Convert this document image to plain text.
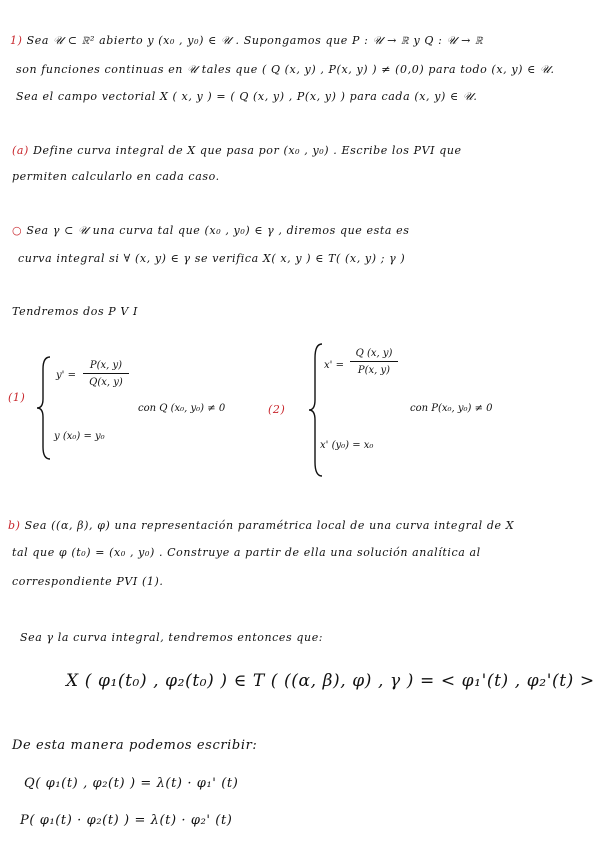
1) Sea 𝒰 ⊂ ℝ² abierto y (x₀ , y₀) ∈ 𝒰 . Supongamos que P : 𝒰 → ℝ y Q : 𝒰 → ℝ
son funciones continuas en 𝒰 tales que ( Q (x, y) , P(x, y) ) ≠ (0,0) para todo (x, y) ∈ 𝒰.
Sea el campo vectorial X ( x, y ) = ( Q (x, y) , P(x, y) ) para cada (x, y) ∈ 𝒰.
(a) Define curva integral de X que pasa por (x₀ , y₀) . Escribe los PVI que
permiten calcularlo en cada caso.
○ Sea γ ⊂ 𝒰 una curva tal que (x₀ , y₀) ∈ γ , diremos que esta es
curva integral si ∀ (x, y) ∈ γ se verifica X( x, y ) ∈ T( (x, y) ; γ )
Tendremos dos P V I
(1)
$y' = \frac{P(x, y)}{Q(x, y)}$
con Q (x₀, y₀) ≠ 0
y (x₀) = y₀
(2)
$x' = \frac{Q (x, y)}{P(x, y)}$
con P(x₀, y₀) ≠ 0
x' (y₀) = x₀
b) Sea ((α, β), φ) una representación paramétrica local de una curva integral de X
tal que φ (t₀) = (x₀ , y₀) . Construye a partir de ella una solución analítica al
correspondiente PVI (1).
Sea γ la curva integral, tendremos entonces que:
X ( φ₁(t₀) , φ₂(t₀) ) ∈ T ( ((α, β), φ) , γ ) = < φ₁'(t) , φ₂'(t) >
De esta manera podemos escribir:
Q( φ₁(t) , φ₂(t) ) = λ(t) · φ₁' (t)
P( φ₁(t) · φ₂(t) ) = λ(t) · φ₂' (t)
